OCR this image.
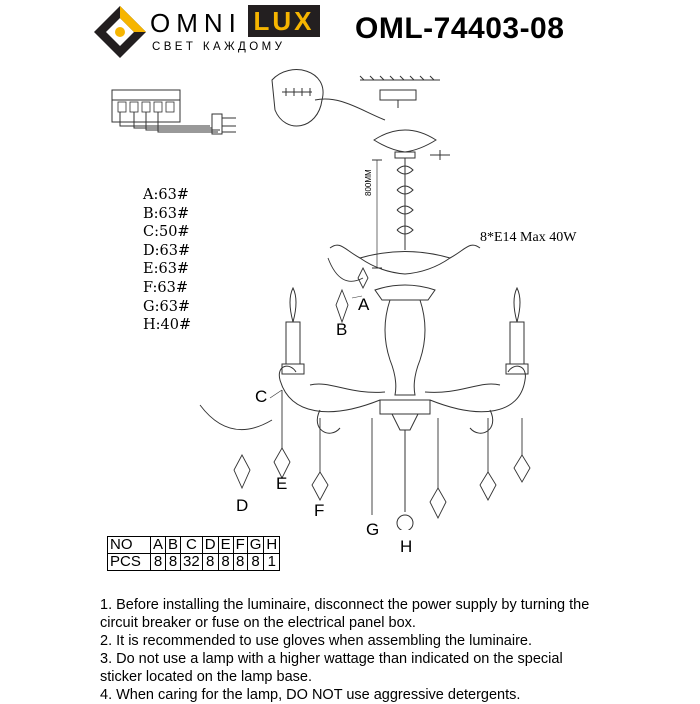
OMNI LUX
СВЕТ КАЖДОМУ
OML-74403-08
800MM
A:63#
B:63#
C:50#
D:63#
E:63#
F:63#
G:63#
H:40#
8*E14 Max 40W
A
B
C
D
E
F
G
H
NO	A	B	C	D	E	F	G	H
PCS	8	8	32	8	8	8	8	1

1. Before installing the luminaire, disconnect the power supply by turning the circuit breaker or fuse on the electrical panel box.

2. It is recommended to use gloves when assembling the luminaire.

3. Do not use a lamp with a higher wattage than indicated on the special sticker located on the lamp base.

4. When caring for the lamp, DO NOT use aggressive detergents.
